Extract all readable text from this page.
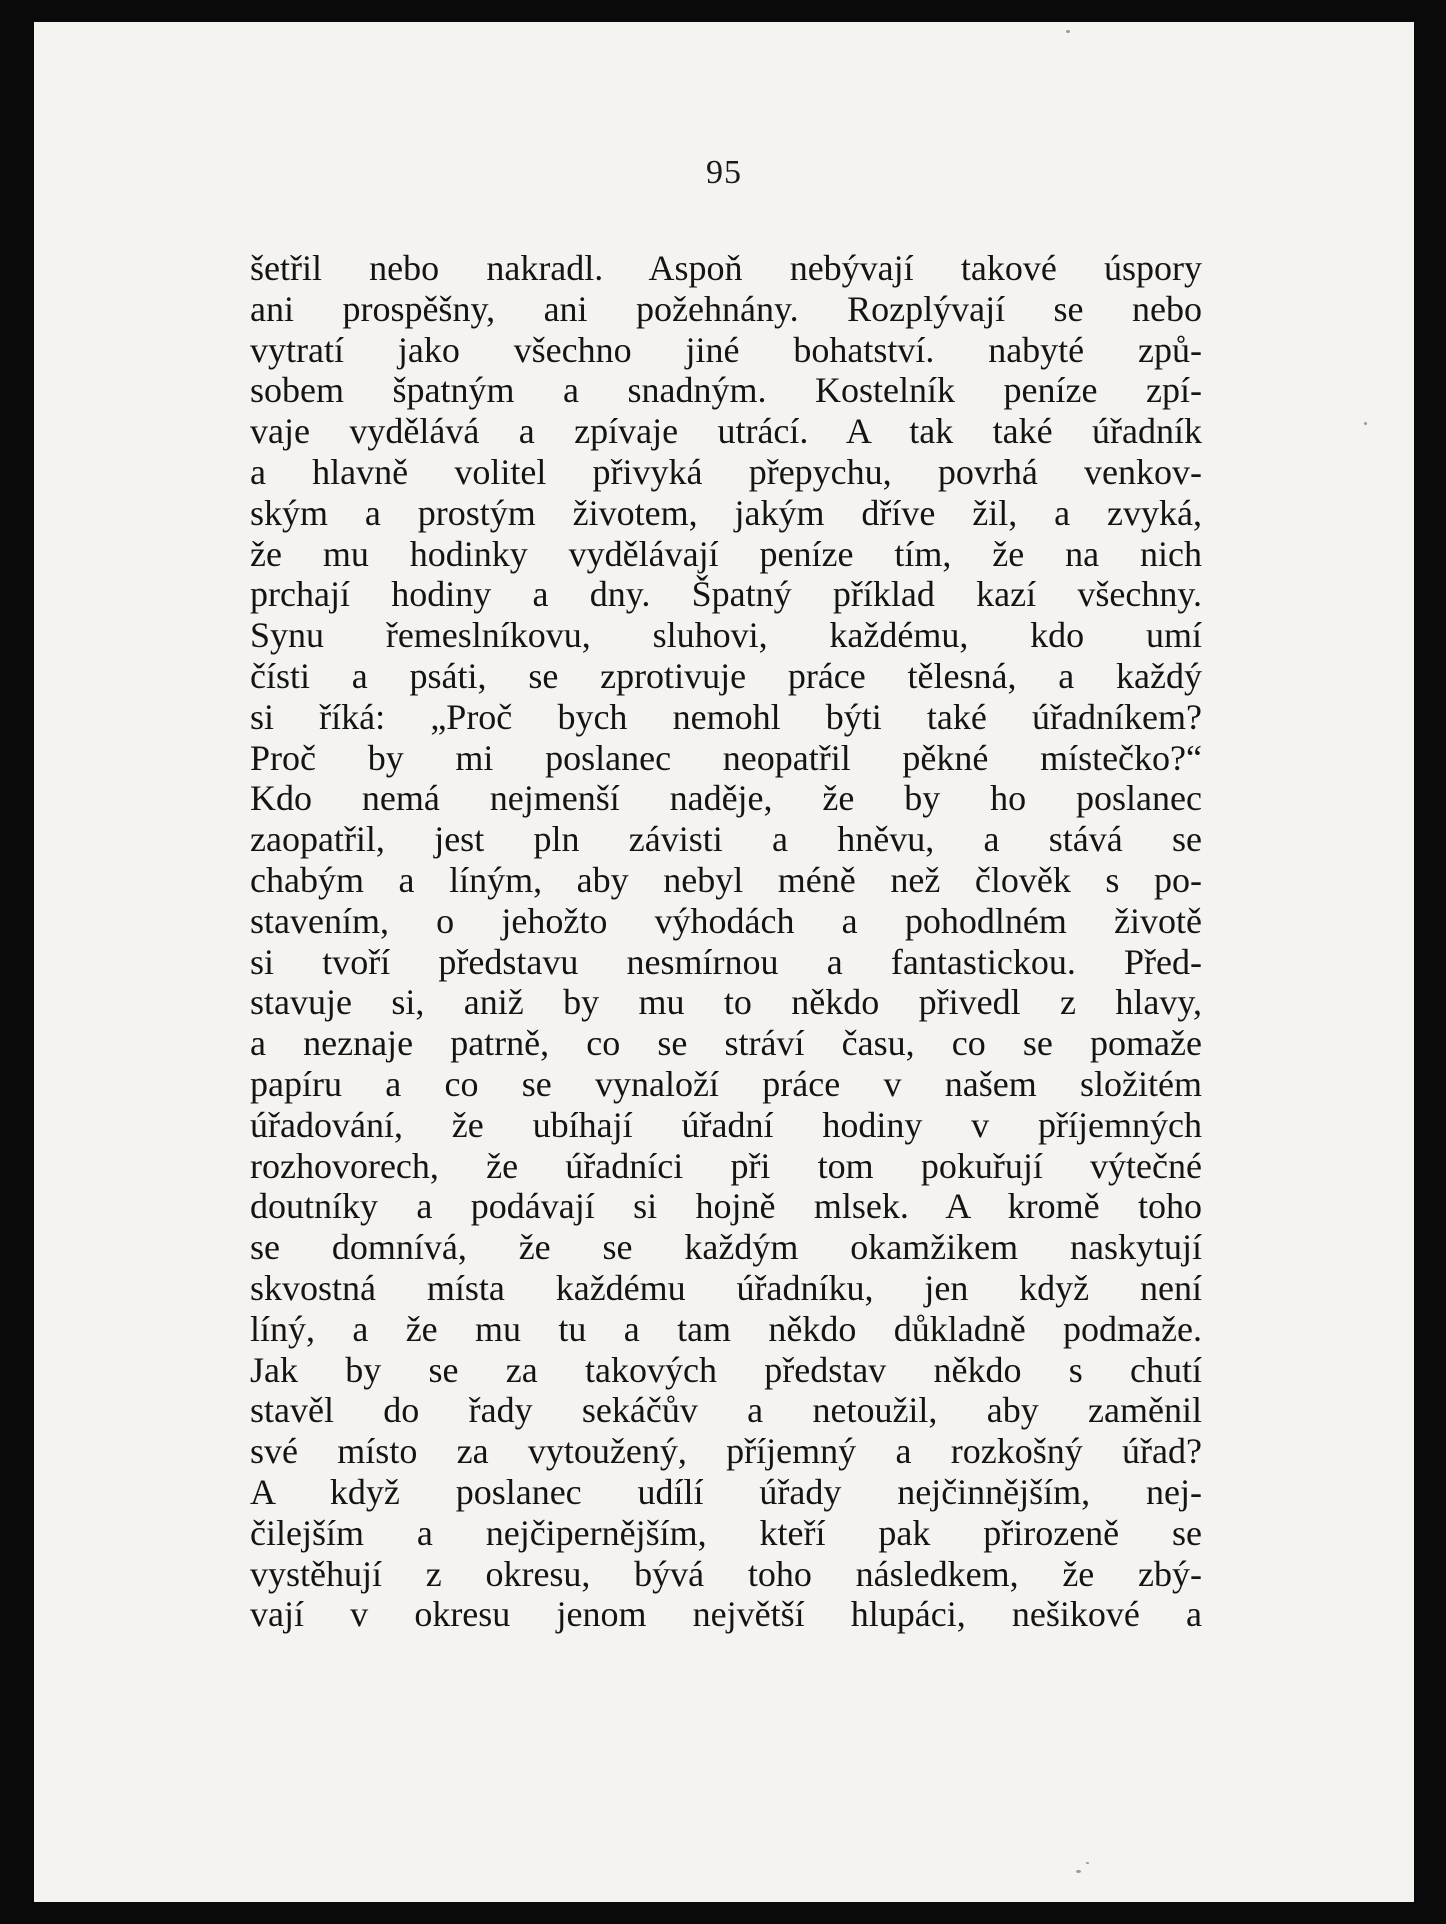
95
šetřil nebo nakradl. Aspoň nebývají takové úspory
ani prospěšny, ani požehnány. Rozplývají se nebo
vytratí jako všechno jiné bohatství. nabyté způ-
sobem špatným a snadným. Kostelník peníze zpí-
vaje vydělává a zpívaje utrácí. A tak také úřadník
a hlavně volitel přivyká přepychu, povrhá venkov-
ským a prostým životem, jakým dříve žil, a zvyká,
že mu hodinky vydělávají peníze tím, že na nich
prchají hodiny a dny. Špatný příklad kazí všechny.
Synu řemeslníkovu, sluhovi, každému, kdo umí
čísti a psáti, se zprotivuje práce tělesná, a každý
si říká: „Proč bych nemohl býti také úřadníkem?
Proč by mi poslanec neopatřil pěkné místečko?“
Kdo nemá nejmenší naděje, že by ho poslanec
zaopatřil, jest pln závisti a hněvu, a stává se
chabým a líným, aby nebyl méně než člověk s po-
stavením, o jehožto výhodách a pohodlném životě
si tvoří představu nesmírnou a fantastickou. Před-
stavuje si, aniž by mu to někdo přivedl z hlavy,
a neznaje patrně, co se stráví času, co se pomaže
papíru a co se vynaloží práce v našem složitém
úřadování, že ubíhají úřadní hodiny v příjemných
rozhovorech, že úřadníci při tom pokuřují výtečné
doutníky a podávají si hojně mlsek. A kromě toho
se domnívá, že se každým okamžikem naskytují
skvostná místa každému úřadníku, jen když není
líný, a že mu tu a tam někdo důkladně podmaže.
Jak by se za takových představ někdo s chutí
stavěl do řady sekáčův a netoužil, aby zaměnil
své místo za vytoužený, příjemný a rozkošný úřad?
A když poslanec udílí úřady nejčinnějším, nej-
čilejším a nejčipernějším, kteří pak přirozeně se
vystěhují z okresu, bývá toho následkem, že zbý-
vají v okresu jenom největší hlupáci, nešikové a
